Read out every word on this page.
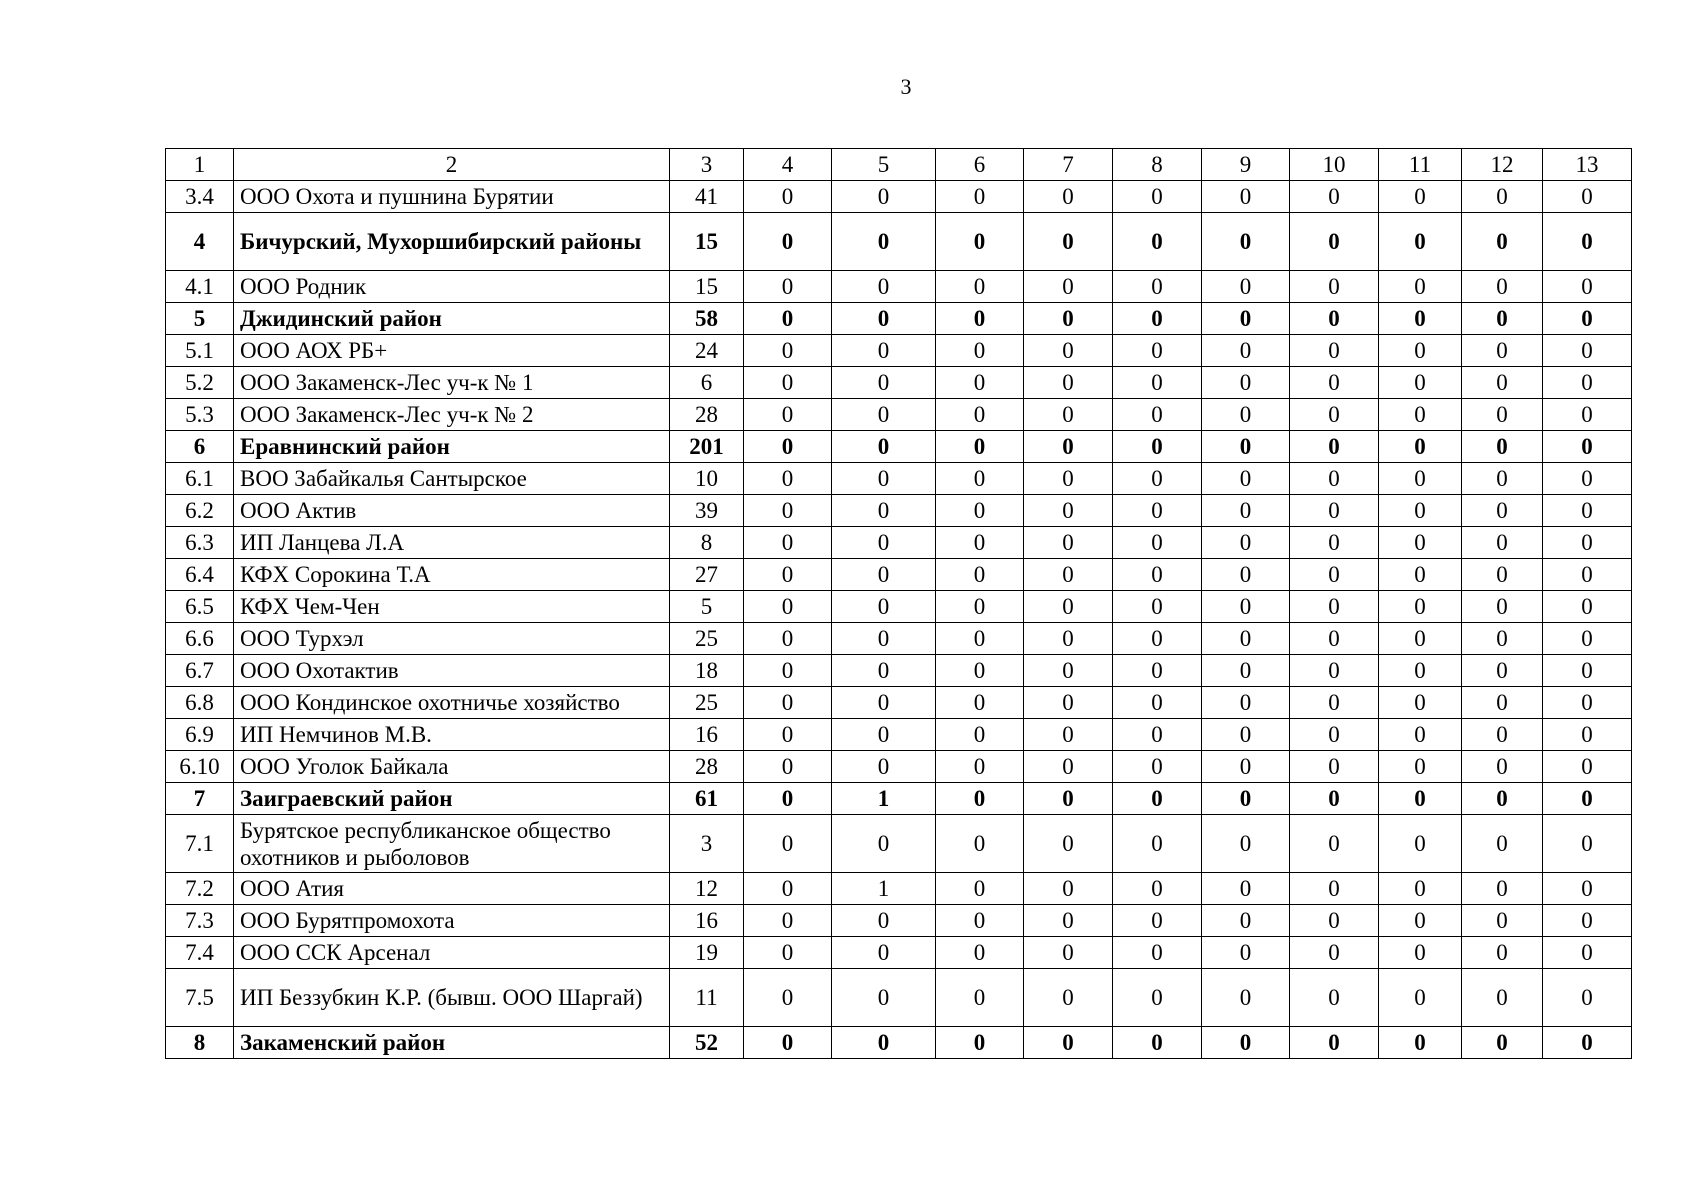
3
1	2	3	4	5	6	7	8	9	10	11	12	13
3.4	ООО Охота и пушнина Бурятии	41	0	0	0	0	0	0	0	0	0	0
4	Бичурский, Мухоршибирский районы	15	0	0	0	0	0	0	0	0	0	0
4.1	ООО Родник	15	0	0	0	0	0	0	0	0	0	0
5	Джидинский район	58	0	0	0	0	0	0	0	0	0	0
5.1	ООО АОХ РБ+	24	0	0	0	0	0	0	0	0	0	0
5.2	ООО Закаменск-Лес уч-к № 1	6	0	0	0	0	0	0	0	0	0	0
5.3	ООО Закаменск-Лес уч-к № 2	28	0	0	0	0	0	0	0	0	0	0
6	Еравнинский район	201	0	0	0	0	0	0	0	0	0	0
6.1	ВОО Забайкалья Сантырское	10	0	0	0	0	0	0	0	0	0	0
6.2	ООО Актив	39	0	0	0	0	0	0	0	0	0	0
6.3	ИП Ланцева Л.А	8	0	0	0	0	0	0	0	0	0	0
6.4	КФХ Сорокина Т.А	27	0	0	0	0	0	0	0	0	0	0
6.5	КФХ Чем-Чен	5	0	0	0	0	0	0	0	0	0	0
6.6	ООО Турхэл	25	0	0	0	0	0	0	0	0	0	0
6.7	ООО Охотактив	18	0	0	0	0	0	0	0	0	0	0
6.8	ООО Кондинское охотничье хозяйство	25	0	0	0	0	0	0	0	0	0	0
6.9	ИП Немчинов М.В.	16	0	0	0	0	0	0	0	0	0	0
6.10	ООО Уголок Байкала	28	0	0	0	0	0	0	0	0	0	0
7	Заиграевский район	61	0	1	0	0	0	0	0	0	0	0
7.1	Бурятское республиканское общество охотников и рыболовов	3	0	0	0	0	0	0	0	0	0	0
7.2	ООО Атия	12	0	1	0	0	0	0	0	0	0	0
7.3	ООО Бурятпромохота	16	0	0	0	0	0	0	0	0	0	0
7.4	ООО ССК Арсенал	19	0	0	0	0	0	0	0	0	0	0
7.5	ИП Беззубкин К.Р. (бывш. ООО Шаргай)	11	0	0	0	0	0	0	0	0	0	0
8	Закаменский район	52	0	0	0	0	0	0	0	0	0	0
